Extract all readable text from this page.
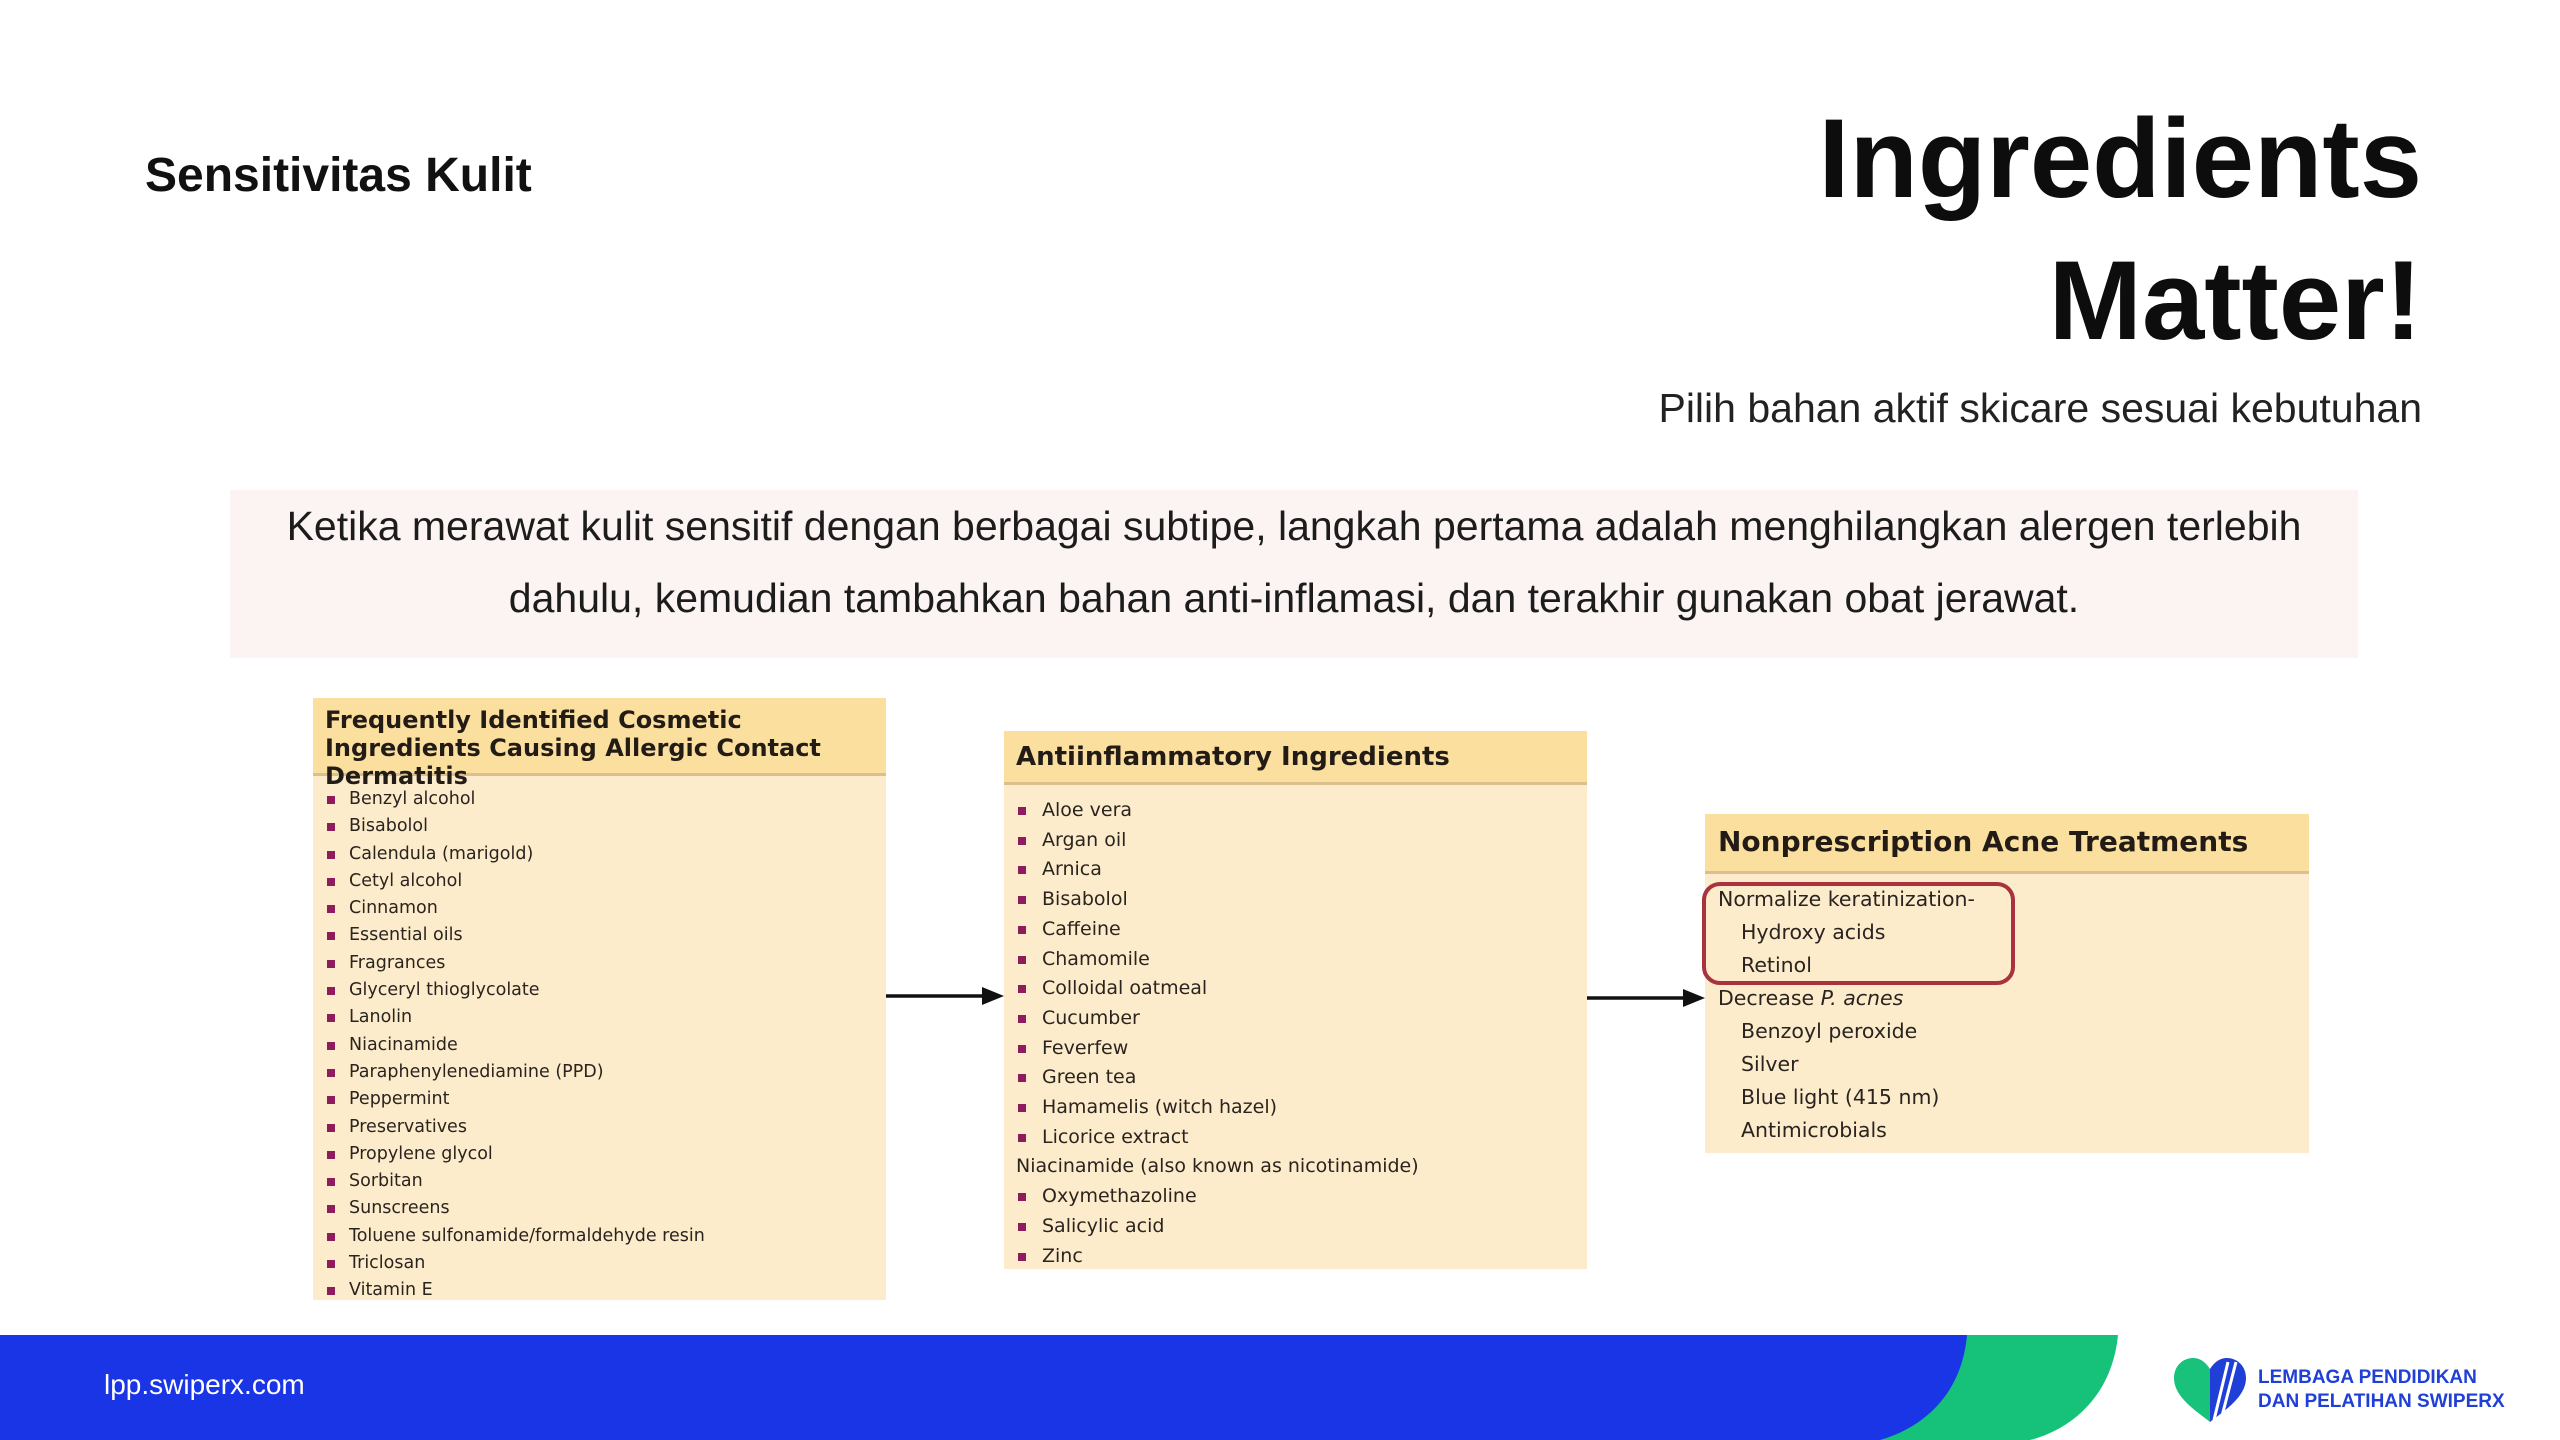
Sensitivitas Kulit	Ingredients
Matter!
Pilih bahan aktif skicare sesuai kebutuhan

Ketika merawat kulit sensitif dengan berbagai subtipe, langkah pertama adalah menghilangkan alergen terlebih dahulu, kemudian tambahkan bahan anti-inflamasi, dan terakhir gunakan obat jerawat.

Frequently Identified Cosmetic Ingredients Causing Allergic Contact Dermatitis
Benzyl alcohol
Bisabolol
Calendula (marigold)
Cetyl alcohol
Cinnamon
Essential oils
Fragrances
Glyceryl thioglycolate
Lanolin
Niacinamide
Paraphenylenediamine (PPD)
Peppermint
Preservatives
Propylene glycol
Sorbitan
Sunscreens
Toluene sulfonamide/formaldehyde resin
Triclosan
Vitamin E
Antiinflammatory Ingredients
Aloe vera
Argan oil
Arnica
Bisabolol
Caffeine
Chamomile
Colloidal oatmeal
Cucumber
Feverfew
Green tea
Hamamelis (witch hazel)
Licorice extract
Niacinamide (also known as nicotinamide)
Oxymethazoline
Salicylic acid
Zinc
Nonprescription Acne Treatments
Normalize keratinization-
Hydroxy acids
Retinol
Decrease P. acnes
Benzoyl peroxide
Silver
Blue light (415 nm)
Antimicrobials
lpp.swiperx.com	LEMBAGA PENDIDIKAN
DAN PELATIHAN SWIPERX
